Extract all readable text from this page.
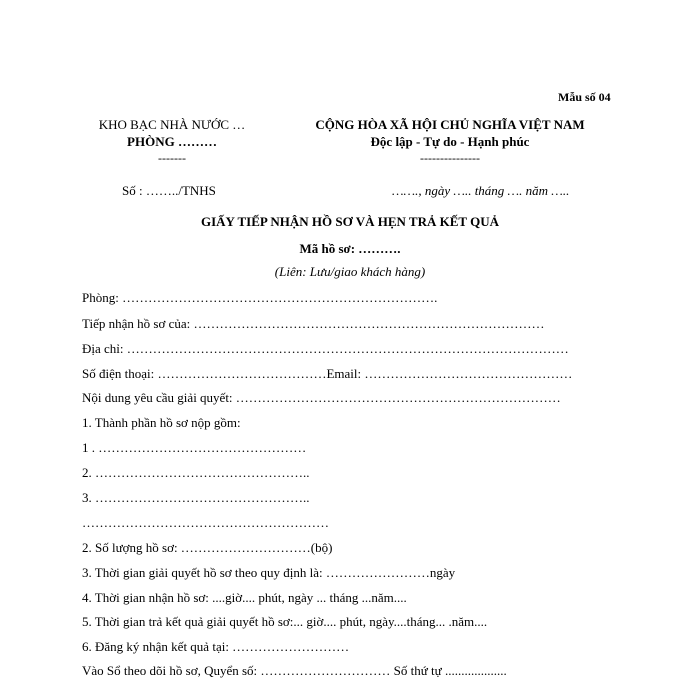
Mẫu số 04
KHO BẠC NHÀ NƯỚC …
PHÒNG ………
-------
CỘNG HÒA XÃ HỘI CHỦ NGHĨA VIỆT NAM
Độc lập - Tự do - Hạnh phúc
---------------
Số : ……../TNHS	……., ngày ….. tháng …. năm …..
GIẤY TIẾP NHẬN HỒ SƠ VÀ HẸN TRẢ KẾT QUẢ
Mã hồ sơ: ……….
(Liên: Lưu/giao khách hàng)
Phòng: ……………………………………………………………….
Tiếp nhận hồ sơ của: ………………………………………………………………………
Địa chỉ: …………………………………………………………………………………………
Số điện thoại: …………………………………Email: …………………………………………
Nội dung yêu cầu giải quyết: …………………………………………………………………
1. Thành phần hồ sơ nộp gồm:
1 . …………………………………………
2. …………………………………………..
3. …………………………………………..
…………………………………………………
2. Số lượng hồ sơ: …………………………(bộ)
3. Thời gian giải quyết hồ sơ theo quy định là: ……………………ngày
4. Thời gian nhận hồ sơ: ....giờ.... phút, ngày ... tháng ...năm....
5. Thời gian trả kết quả giải quyết hồ sơ:... giờ.... phút, ngày....tháng... .năm....
6. Đăng ký nhận kết quả tại: ………………………
Vào Sổ theo dõi hồ sơ, Quyển số: ………………………… Số thứ tự ...................
